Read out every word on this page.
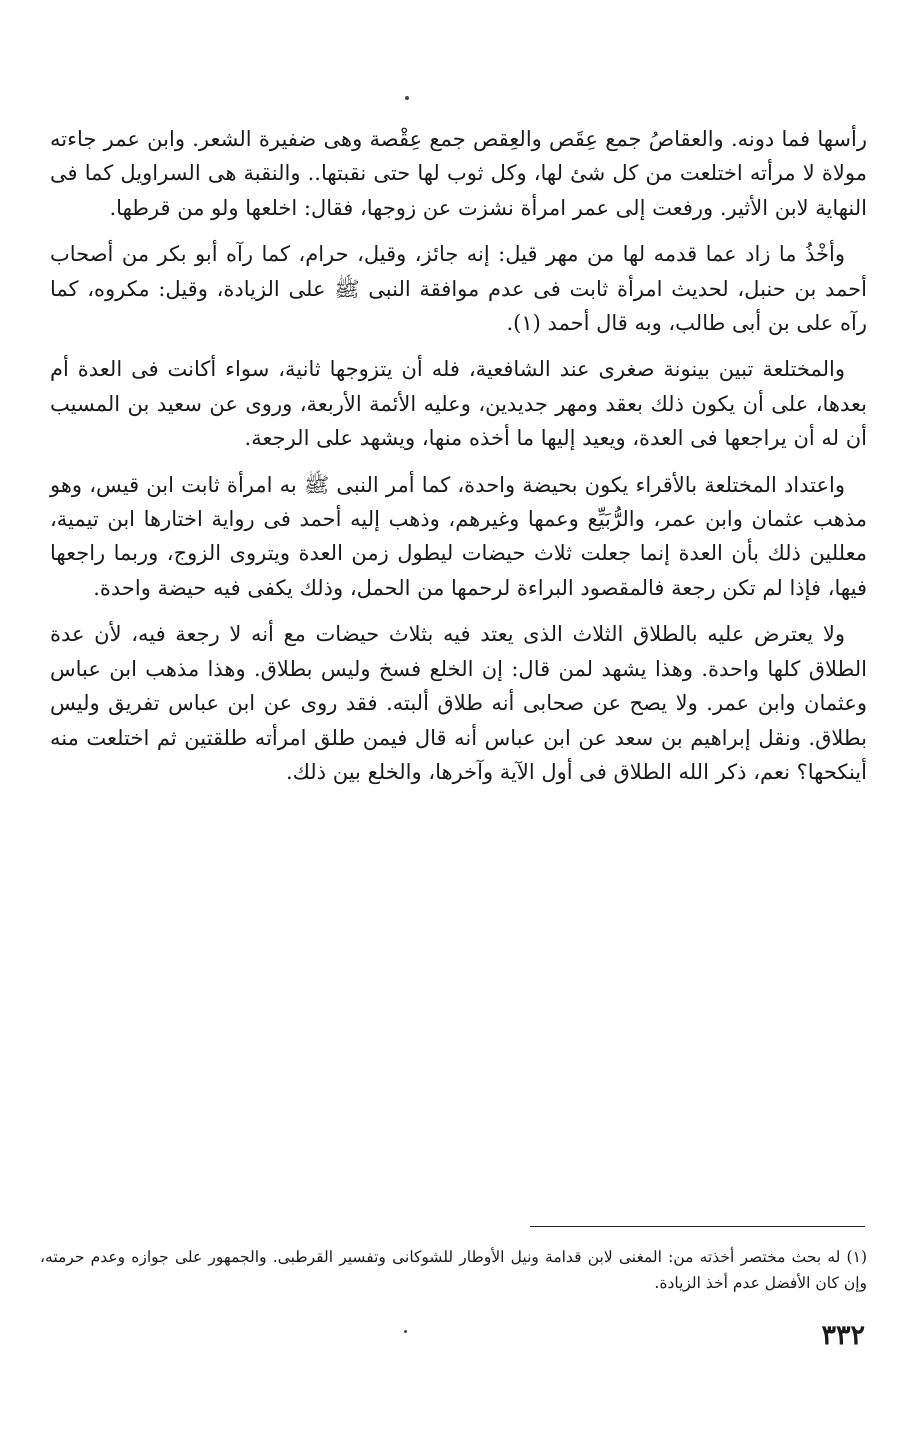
رأسها فما دونه. والعقاصُ جمع عِقَص والعِقص جمع عِقْصة وهى ضفيرة الشعر. وابن عمر جاءته مولاة لا مرأته اختلعت من كل شئ لها، وكل ثوب لها حتى نقبتها.. والنقبة هى السراويل كما فى النهاية لابن الأثير. ورفعت إلى عمر امرأة نشزت عن زوجها، فقال: اخلعها ولو من قرطها.

وأخْذُ ما زاد عما قدمه لها من مهر قيل: إنه جائز، وقيل، حرام، كما رآه أبو بكر من أصحاب أحمد بن حنبل، لحديث امرأة ثابت فى عدم موافقة النبى ﷺ على الزيادة، وقيل: مكروه، كما رآه على بن أبى طالب، وبه قال أحمد (١).

والمختلعة تبين بينونة صغرى عند الشافعية، فله أن يتزوجها ثانية، سواء أكانت فى العدة أم بعدها، على أن يكون ذلك بعقد ومهر جديدين، وعليه الأئمة الأربعة، وروى عن سعيد بن المسيب أن له أن يراجعها فى العدة، ويعيد إليها ما أخذه منها، ويشهد على الرجعة.

واعتداد المختلعة بالأقراء يكون بحيضة واحدة، كما أمر النبى ﷺ به امرأة ثابت ابن قيس، وهو مذهب عثمان وابن عمر، والرُّبَيِّع وعمها وغيرهم، وذهب إليه أحمد فى رواية اختارها ابن تيمية، معللين ذلك بأن العدة إنما جعلت ثلاث حيضات ليطول زمن العدة ويتروى الزوج، وربما راجعها فيها، فإذا لم تكن رجعة فالمقصود البراءة لرحمها من الحمل، وذلك يكفى فيه حيضة واحدة.

ولا يعترض عليه بالطلاق الثلاث الذى يعتد فيه بثلاث حيضات مع أنه لا رجعة فيه، لأن عدة الطلاق كلها واحدة. وهذا يشهد لمن قال: إن الخلع فسخ وليس بطلاق. وهذا مذهب ابن عباس وعثمان وابن عمر. ولا يصح عن صحابى أنه طلاق ألبته. فقد روى عن ابن عباس تفريق وليس بطلاق. ونقل إبراهيم بن سعد عن ابن عباس أنه قال فيمن طلق امرأته طلقتين ثم اختلعت منه أينكحها؟ نعم، ذكر الله الطلاق فى أول الآية وآخرها، والخلع بين ذلك.

(١) له بحث مختصر أخذته من: المغنى لابن قدامة ونيل الأوطار للشوكانى وتفسير القرطبى. والجمهور على جوازه وعدم حرمته، وإن كان الأفضل عدم أخذ الزيادة.
٣٣٢
